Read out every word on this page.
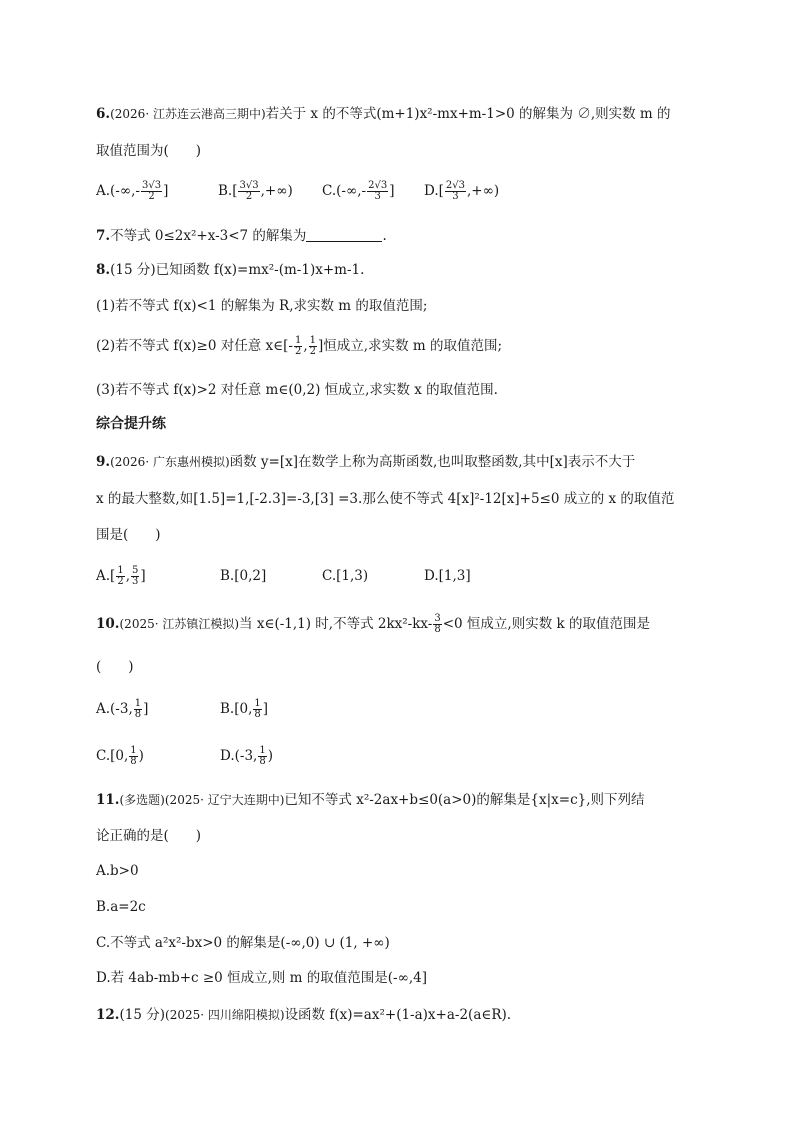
6.(2026· 江苏连云港高三期中)若关于 x 的不等式(m+1)x²-mx+m-1>0 的解集为 ∅,则实数 m 的
取值范围为(　　)
$A.(-\infty,- \frac{3√3}{2}$ ]	$B.[ \frac{3√3}{2}$ ,+∞) $C.(-\infty,- \frac{2√3}{3}$ ] $D.[ \frac{2√3}{3}$ ,+∞)
7.不等式 0≤2x²+x-3<7 的解集为	.
8.(15 分)已知函数 f(x)=mx²-(m-1)x+m-1.
(1)若不等式 f(x)<1 的解集为 R,求实数 m 的取值范围;
(2)若不等式 f(x)≥0 对任意 x∈[- $\frac{1}{2}$ , $\frac{1}{2}$ ]恒成立,求实数 m 的取值范围;
(3)若不等式 f(x)>2 对任意 m∈(0,2) 恒成立,求实数 x 的取值范围.
综合提升练
9.(2026· 广东惠州模拟)函数 y=[x]在数学上称为高斯函数,也叫取整函数,其中[x]表示不大于
x 的最大整数,如[1.5]=1,[-2.3]=-3,[3] =3.那么使不等式 4[x]²-12[x]+5≤0 成立的 x 的取值范
围是(　　)
$A.[ \frac{1}{2}$ , $\frac{5}{3}$ ]	B.[0,2]	C.[1,3)	D.[1,3]
10.(2025· 江苏镇江模拟)当 x∈(-1,1) 时,不等式 $2kx^2-kx- \frac{3}{8} <0$ 恒成立,则实数 k 的取值范围是
(　　)
A.(-3, $\frac{1}{8}$ ]	B.[0, $\frac{1}{8}$ ]
C.[0, $\frac{1}{8}$ )	D.(-3, $\frac{1}{8}$ )
11.(多选题)(2025· 辽宁大连期中)已知不等式 x²-2ax+b≤0(a>0)的解集是{x|x=c},则下列结
论正确的是(　　)
A.b>0
B.a=2c
C.不等式 a²x²-bx>0 的解集是(-∞,0) ∪ (1, +∞)
D.若 4ab-mb+c ≥0 恒成立,则 m 的取值范围是(-∞,4]
12.(15 分)(2025· 四川绵阳模拟)设函数 f(x)=ax²+(1-a)x+a-2(a∈R).
